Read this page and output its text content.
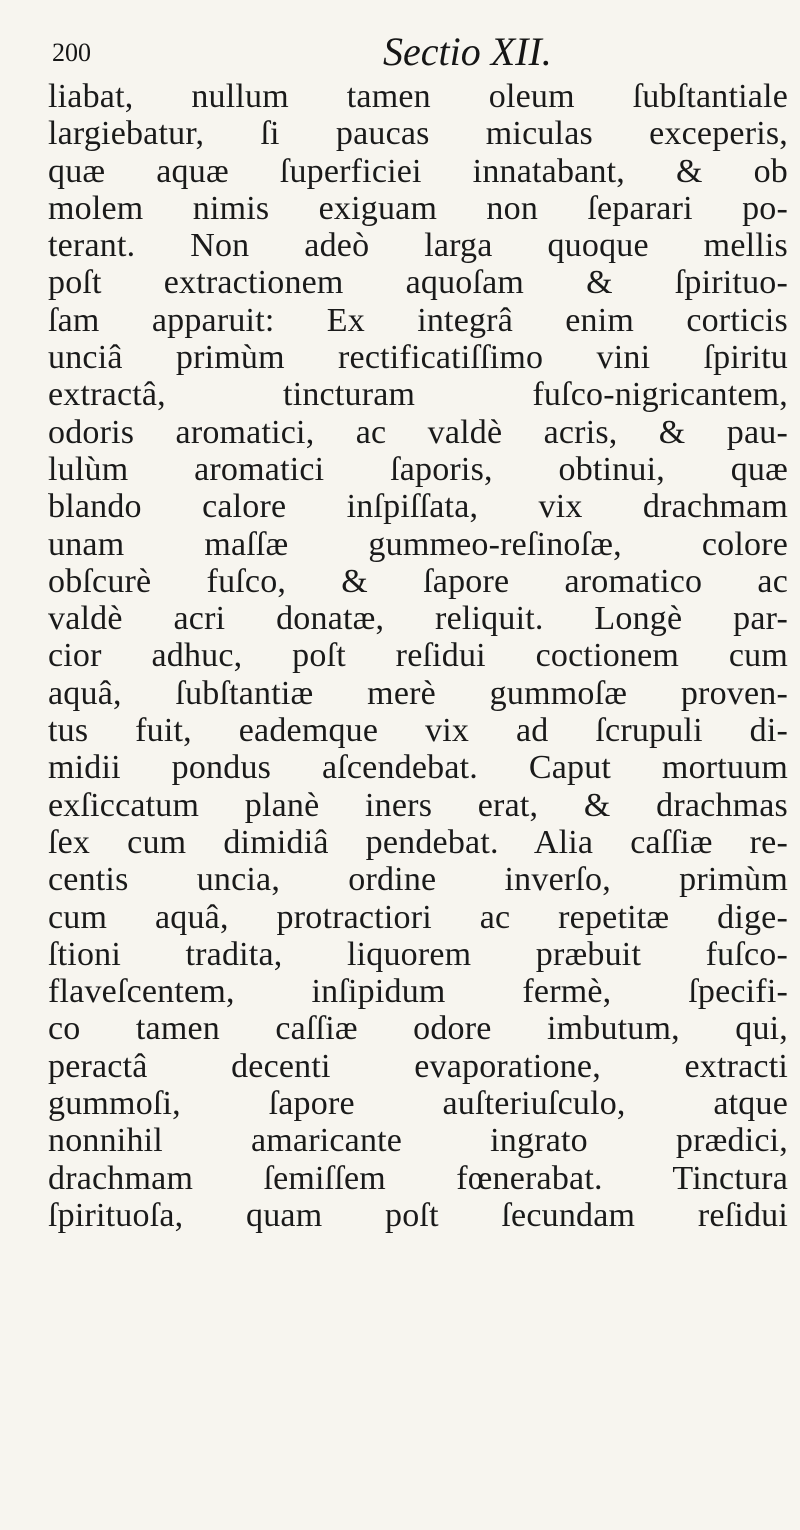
200	Sectio XII.
liabat, nullum tamen oleum ſubſtantiale
largiebatur, ſi paucas miculas exceperis,
quæ aquæ ſuperficiei innatabant, & ob
molem nimis exiguam non ſeparari po-
terant. Non adeò larga quoque mellis
poſt extractionem aquoſam & ſpirituo-
ſam apparuit: Ex integrâ enim corticis
unciâ primùm rectificatiſſimo vini ſpiritu
extractâ, tincturam fuſco-nigricantem,
odoris aromatici, ac valdè acris, & pau-
lulùm aromatici ſaporis, obtinui, quæ
blando calore inſpiſſata, vix drachmam
unam maſſæ gummeo-reſinoſæ, colore
obſcurè fuſco, & ſapore aromatico ac
valdè acri donatæ, reliquit. Longè par-
cior adhuc, poſt reſidui coctionem cum
aquâ, ſubſtantiæ merè gummoſæ proven-
tus fuit, eademque vix ad ſcrupuli di-
midii pondus aſcendebat. Caput mortuum
exſiccatum planè iners erat, & drachmas
ſex cum dimidiâ pendebat. Alia caſſiæ re-
centis uncia, ordine inverſo, primùm
cum aquâ, protractiori ac repetitæ dige-
ſtioni tradita, liquorem præbuit fuſco-
flaveſcentem, inſipidum fermè, ſpecifi-
co tamen caſſiæ odore imbutum, qui,
peractâ decenti evaporatione, extracti
gummoſi, ſapore auſteriuſculo, atque
nonnihil amaricante ingrato prædici,
drachmam ſemiſſem fœnerabat. Tinctura
ſpirituoſa, quam poſt ſecundam reſidui
